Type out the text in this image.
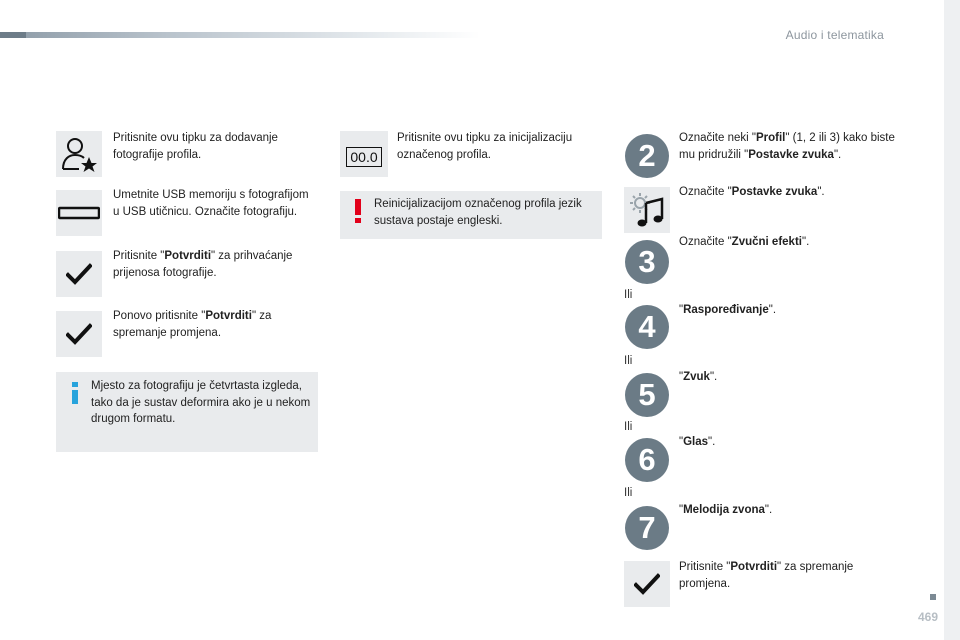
Audio i telematika
Pritisnite ovu tipku za dodavanje fotografije profila.
Umetnite USB memoriju s fotografijom u USB utičnicu. Označite fotografiju.
Pritisnite "Potvrditi" za prihvaćanje prijenosa fotografije.
Ponovo pritisnite "Potvrditi" za spremanje promjena.
Mjesto za fotografiju je četvrtasta izgleda, tako da je sustav deformira ako je u nekom drugom formatu.
00.0
Pritisnite ovu tipku za inicijalizaciju označenog profila.
Reinicijalizacijom označenog profila jezik sustava postaje engleski.
2	Označite neki "Profil" (1, 2 ili 3) kako biste mu pridružili "Postavke zvuka".
Označite "Postavke zvuka".
3
Označite "Zvučni efekti".
Ili
4	"Raspoređivanje".
Ili
5	"Zvuk".
Ili
6	"Glas".
Ili
7	"Melodija zvona".
Pritisnite "Potvrditi" za spremanje promjena.
469
